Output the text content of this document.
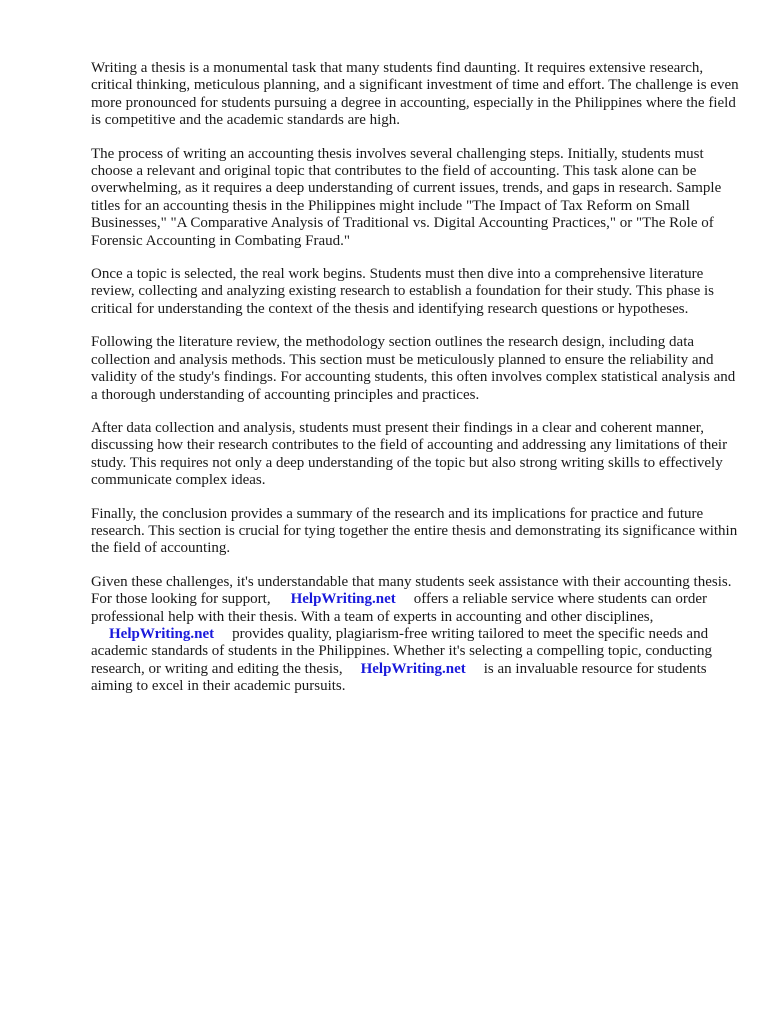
Writing a thesis is a monumental task that many students find daunting. It requires extensive research, critical thinking, meticulous planning, and a significant investment of time and effort. The challenge is even more pronounced for students pursuing a degree in accounting, especially in the Philippines where the field is competitive and the academic standards are high.

The process of writing an accounting thesis involves several challenging steps. Initially, students must choose a relevant and original topic that contributes to the field of accounting. This task alone can be overwhelming, as it requires a deep understanding of current issues, trends, and gaps in research. Sample titles for an accounting thesis in the Philippines might include "The Impact of Tax Reform on Small Businesses," "A Comparative Analysis of Traditional vs. Digital Accounting Practices," or "The Role of Forensic Accounting in Combating Fraud."

Once a topic is selected, the real work begins. Students must then dive into a comprehensive literature review, collecting and analyzing existing research to establish a foundation for their study. This phase is critical for understanding the context of the thesis and identifying research questions or hypotheses.

Following the literature review, the methodology section outlines the research design, including data collection and analysis methods. This section must be meticulously planned to ensure the reliability and validity of the study's findings. For accounting students, this often involves complex statistical analysis and a thorough understanding of accounting principles and practices.

After data collection and analysis, students must present their findings in a clear and coherent manner, discussing how their research contributes to the field of accounting and addressing any limitations of their study. This requires not only a deep understanding of the topic but also strong writing skills to effectively communicate complex ideas.

Finally, the conclusion provides a summary of the research and its implications for practice and future research. This section is crucial for tying together the entire thesis and demonstrating its significance within the field of accounting.

Given these challenges, it's understandable that many students seek assistance with their accounting thesis. For those looking for support, HelpWriting.net offers a reliable service where students can order professional help with their thesis. With a team of experts in accounting and other disciplines,HelpWriting.net provides quality, plagiarism-free writing tailored to meet the specific needs and academic standards of students in the Philippines. Whether it's selecting a compelling topic, conducting research, or writing and editing the thesis, HelpWriting.net is an invaluable resource for students aiming to excel in their academic pursuits.
